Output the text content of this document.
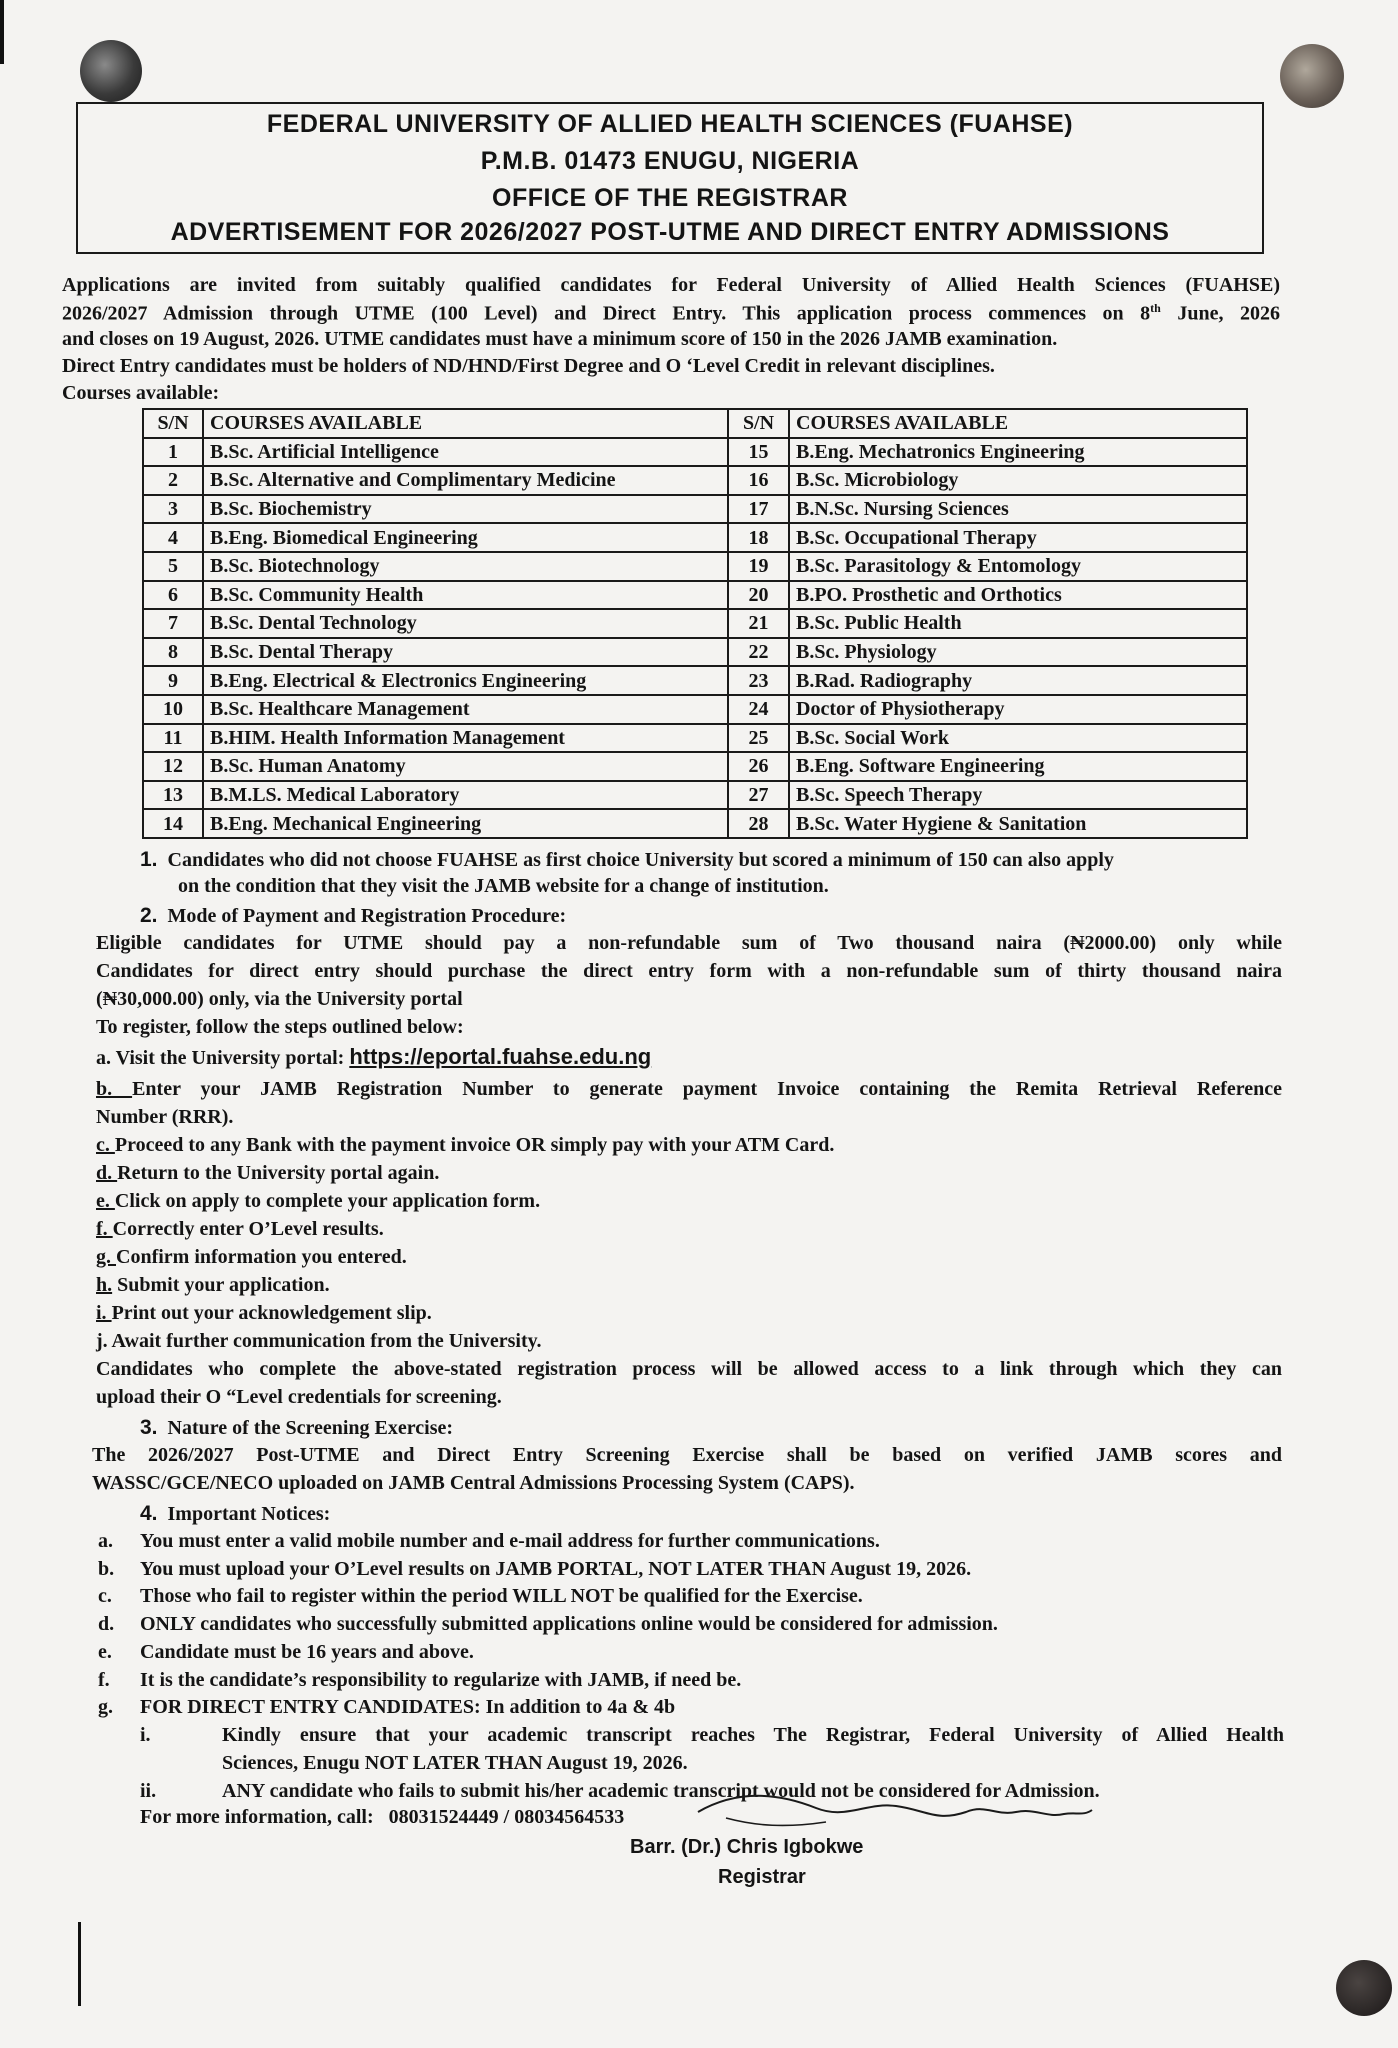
FEDERAL UNIVERSITY OF ALLIED HEALTH SCIENCES (FUAHSE)
P.M.B. 01473 ENUGU, NIGERIA
OFFICE OF THE REGISTRAR
ADVERTISEMENT FOR 2026/2027 POST-UTME AND DIRECT ENTRY ADMISSIONS
Applications are invited from suitably qualified candidates for Federal University of Allied Health Sciences (FUAHSE)
2026/2027 Admission through UTME (100 Level) and Direct Entry. This application process commences on 8th June, 2026
and closes on 19 August, 2026. UTME candidates must have a minimum score of 150 in the 2026 JAMB examination.
Direct Entry candidates must be holders of ND/HND/First Degree and O ‘Level Credit in relevant disciplines.
Courses available:
S/N	COURSES AVAILABLE	S/N	COURSES AVAILABLE
1	B.Sc. Artificial Intelligence	15	B.Eng. Mechatronics Engineering
2	B.Sc. Alternative and Complimentary Medicine	16	B.Sc. Microbiology
3	B.Sc. Biochemistry	17	B.N.Sc. Nursing Sciences
4	B.Eng. Biomedical Engineering	18	B.Sc. Occupational Therapy
5	B.Sc. Biotechnology	19	B.Sc. Parasitology & Entomology
6	B.Sc. Community Health	20	B.PO. Prosthetic and Orthotics
7	B.Sc. Dental Technology	21	B.Sc. Public Health
8	B.Sc. Dental Therapy	22	B.Sc. Physiology
9	B.Eng. Electrical & Electronics Engineering	23	B.Rad. Radiography
10	B.Sc. Healthcare Management	24	Doctor of Physiotherapy
11	B.HIM. Health Information Management	25	B.Sc. Social Work
12	B.Sc. Human Anatomy	26	B.Eng. Software Engineering
13	B.M.LS. Medical Laboratory	27	B.Sc. Speech Therapy
14	B.Eng. Mechanical Engineering	28	B.Sc. Water Hygiene & Sanitation
1. Candidates who did not choose FUAHSE as first choice University but scored a minimum of 150 can also apply
on the condition that they visit the JAMB website for a change of institution.
2. Mode of Payment and Registration Procedure:
Eligible candidates for UTME should pay a non-refundable sum of Two thousand naira (₦2000.00) only while
Candidates for direct entry should purchase the direct entry form with a non-refundable sum of thirty thousand naira
(₦30,000.00) only, via the University portal
To register, follow the steps outlined below:
a. Visit the University portal: https://eportal.fuahse.edu.ng
b. Enter your JAMB Registration Number to generate payment Invoice containing the Remita Retrieval Reference
Number (RRR).
c. Proceed to any Bank with the payment invoice OR simply pay with your ATM Card.
d. Return to the University portal again.
e. Click on apply to complete your application form.
f. Correctly enter O’Level results.
g. Confirm information you entered.
h. Submit your application.
i. Print out your acknowledgement slip.
j. Await further communication from the University.
Candidates who complete the above-stated registration process will be allowed access to a link through which they can
upload their O “Level credentials for screening.
3. Nature of the Screening Exercise:
The 2026/2027 Post-UTME and Direct Entry Screening Exercise shall be based on verified JAMB scores and
WASSC/GCE/NECO uploaded on JAMB Central Admissions Processing System (CAPS).
4. Important Notices:
a. You must enter a valid mobile number and e-mail address for further communications.
b. You must upload your O’Level results on JAMB PORTAL, NOT LATER THAN August 19, 2026.
c. Those who fail to register within the period WILL NOT be qualified for the Exercise.
d. ONLY candidates who successfully submitted applications online would be considered for admission.
e. Candidate must be 16 years and above.
f. It is the candidate’s responsibility to regularize with JAMB, if need be.
g. FOR DIRECT ENTRY CANDIDATES: In addition to 4a & 4b
i.	Kindly ensure that your academic transcript reaches The Registrar, Federal University of Allied Health
Sciences, Enugu NOT LATER THAN August 19, 2026.
ii.	ANY candidate who fails to submit his/her academic transcript would not be considered for Admission.
For more information, call: 08031524449 / 08034564533
Barr. (Dr.) Chris Igbokwe
Registrar
